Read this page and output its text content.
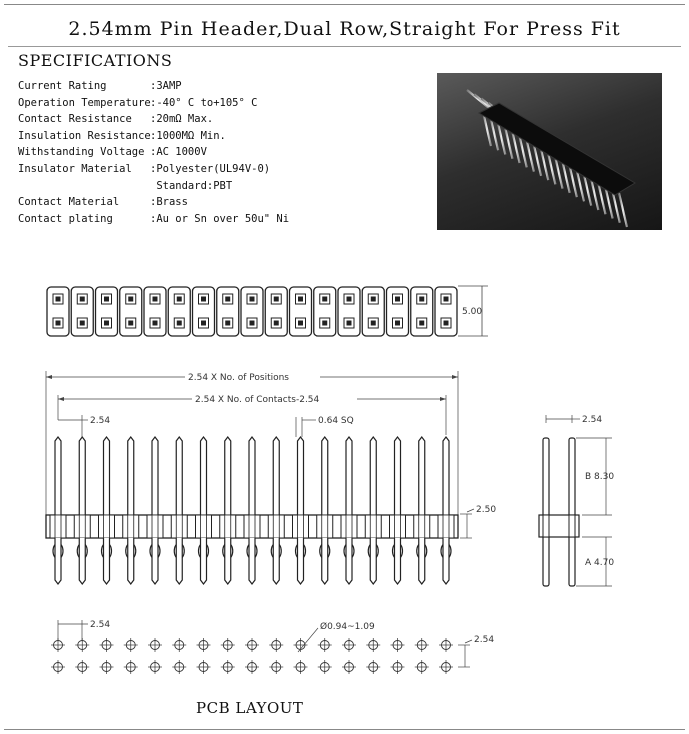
2.54mm Pin Header,Dual Row,Straight For Press Fit
SPECIFICATIONS
Current Rating	:3AMP
Operation Temperature :-40° C to+105° C
Contact Resistance	:20mΩ Max.
Insulation Resistance :1000MΩ Min.
Withstanding Voltage :AC 1000V
Insulator Material	:Polyester(UL94V-0)
Standard:PBT
Contact Material	:Brass
Contact plating	:Au or Sn over 50u" Ni
5.00
2.54 X No. of Positions
2.54 X No. of Contacts-2.54
2.54	0.64 SQ
2.50
2.54
B 8.30
A 4.70
2.54	Ø0.94~1.09
2.54
PCB LAYOUT
